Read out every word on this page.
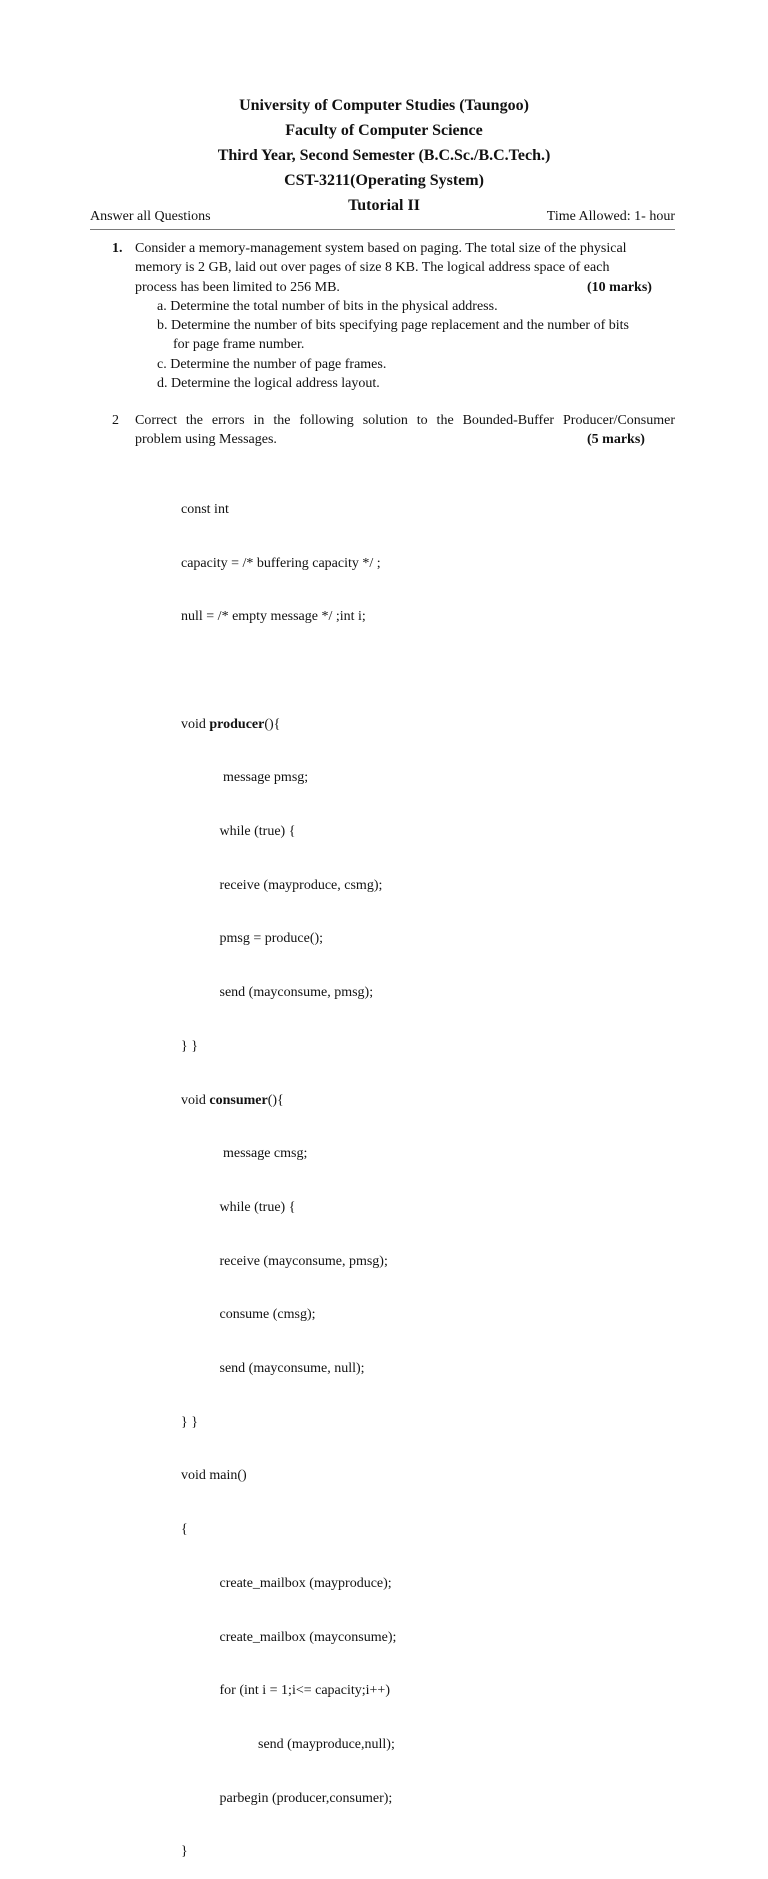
University of Computer Studies (Taungoo)
Faculty of Computer Science
Third Year, Second Semester (B.C.Sc./B.C.Tech.)
CST-3211(Operating System)
Tutorial II
Answer all Questions	Time Allowed: 1- hour
1. Consider a memory-management system based on paging. The total size of the physical
memory is 2 GB, laid out over pages of size 8 KB. The logical address space of each
process has been limited to 256 MB.	(10 marks)
a. Determine the total number of bits in the physical address.
b. Determine the number of bits specifying page replacement and the number of bits
for page frame number.
c. Determine the number of page frames.
d. Determine the logical address layout.
2 Correct the errors in the following solution to the Bounded-Buffer Producer/Consumer
problem using Messages.	(5 marks)

const int

capacity = /* buffering capacity */ ;

null = /* empty message */ ;int i;

void producer(){

message pmsg;

while (true) {

receive (mayproduce, csmg);

pmsg = produce();

send (mayconsume, pmsg);

} }

void consumer(){

message cmsg;

while (true) {

receive (mayconsume, pmsg);

consume (cmsg);

send (mayconsume, null);

} }

void main()

{

create_mailbox (mayproduce);

create_mailbox (mayconsume);

for (int i = 1;i<= capacity;i++)

send (mayproduce,null);

parbegin (producer,consumer);

}
